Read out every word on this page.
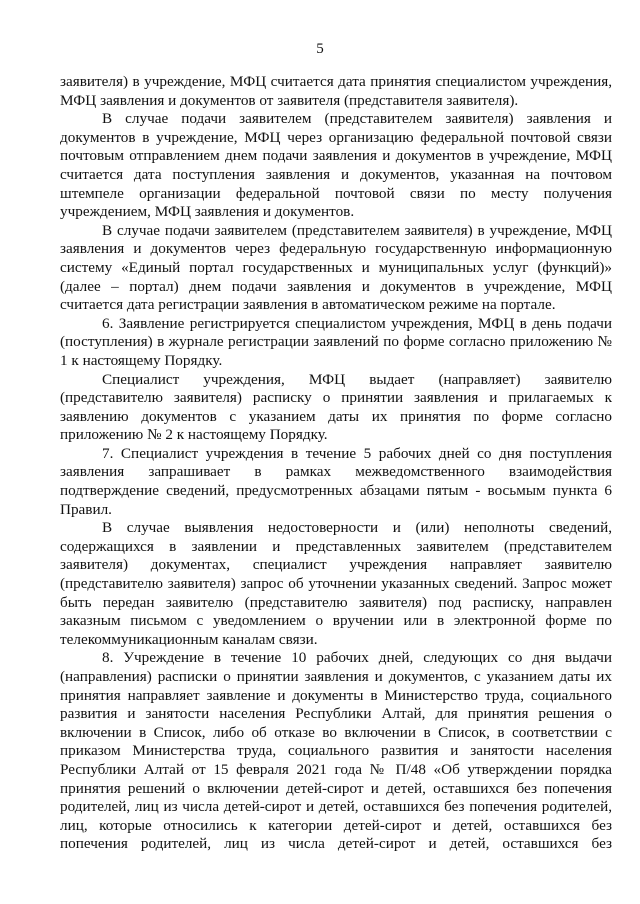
5

заявителя) в учреждение, МФЦ считается дата принятия специалистом учреждения, МФЦ заявления и документов от заявителя (представителя заявителя).

В случае подачи заявителем (представителем заявителя) заявления и документов в учреждение, МФЦ через организацию федеральной почтовой связи почтовым отправлением днем подачи заявления и документов в учреждение, МФЦ считается дата поступления заявления и документов, указанная на почтовом штемпеле организации федеральной почтовой связи по месту получения учреждением, МФЦ заявления и документов.

В случае подачи заявителем (представителем заявителя) в учреждение, МФЦ заявления и документов через федеральную государственную информационную систему «Единый портал государственных и муниципальных услуг (функций)» (далее – портал) днем подачи заявления и документов в учреждение, МФЦ считается дата регистрации заявления в автоматическом режиме на портале.

6. Заявление регистрируется специалистом учреждения, МФЦ в день подачи (поступления) в журнале регистрации заявлений по форме согласно приложению № 1 к настоящему Порядку.

Специалист учреждения, МФЦ выдает (направляет) заявителю (представителю заявителя) расписку о принятии заявления и прилагаемых к заявлению документов с указанием даты их принятия по форме согласно приложению № 2 к настоящему Порядку.

7. Специалист учреждения в течение 5 рабочих дней со дня поступления заявления запрашивает в рамках межведомственного взаимодействия подтверждение сведений, предусмотренных абзацами пятым - восьмым пункта 6 Правил.

В случае выявления недостоверности и (или) неполноты сведений, содержащихся в заявлении и представленных заявителем (представителем заявителя) документах, специалист учреждения направляет заявителю (представителю заявителя) запрос об уточнении указанных сведений. Запрос может быть передан заявителю (представителю заявителя) под расписку, направлен заказным письмом с уведомлением о вручении или в электронной форме по телекоммуникационным каналам связи.

8. Учреждение в течение 10 рабочих дней, следующих со дня выдачи (направления) расписки о принятии заявления и документов, с указанием даты их принятия направляет заявление и документы в Министерство труда, социального развития и занятости населения Республики Алтай, для принятия решения о включении в Список, либо об отказе во включении в Список, в соответствии с приказом Министерства труда, социального развития и занятости населения Республики Алтай от 15 февраля 2021 года № П/48 «Об утверждении порядка принятия решений о включении детей-сирот и детей, оставшихся без попечения родителей, лиц из числа детей-сирот и детей, оставшихся без попечения родителей, лиц, которые относились к категории детей-сирот и детей, оставшихся без попечения родителей, лиц из числа детей-сирот и детей, оставшихся без
